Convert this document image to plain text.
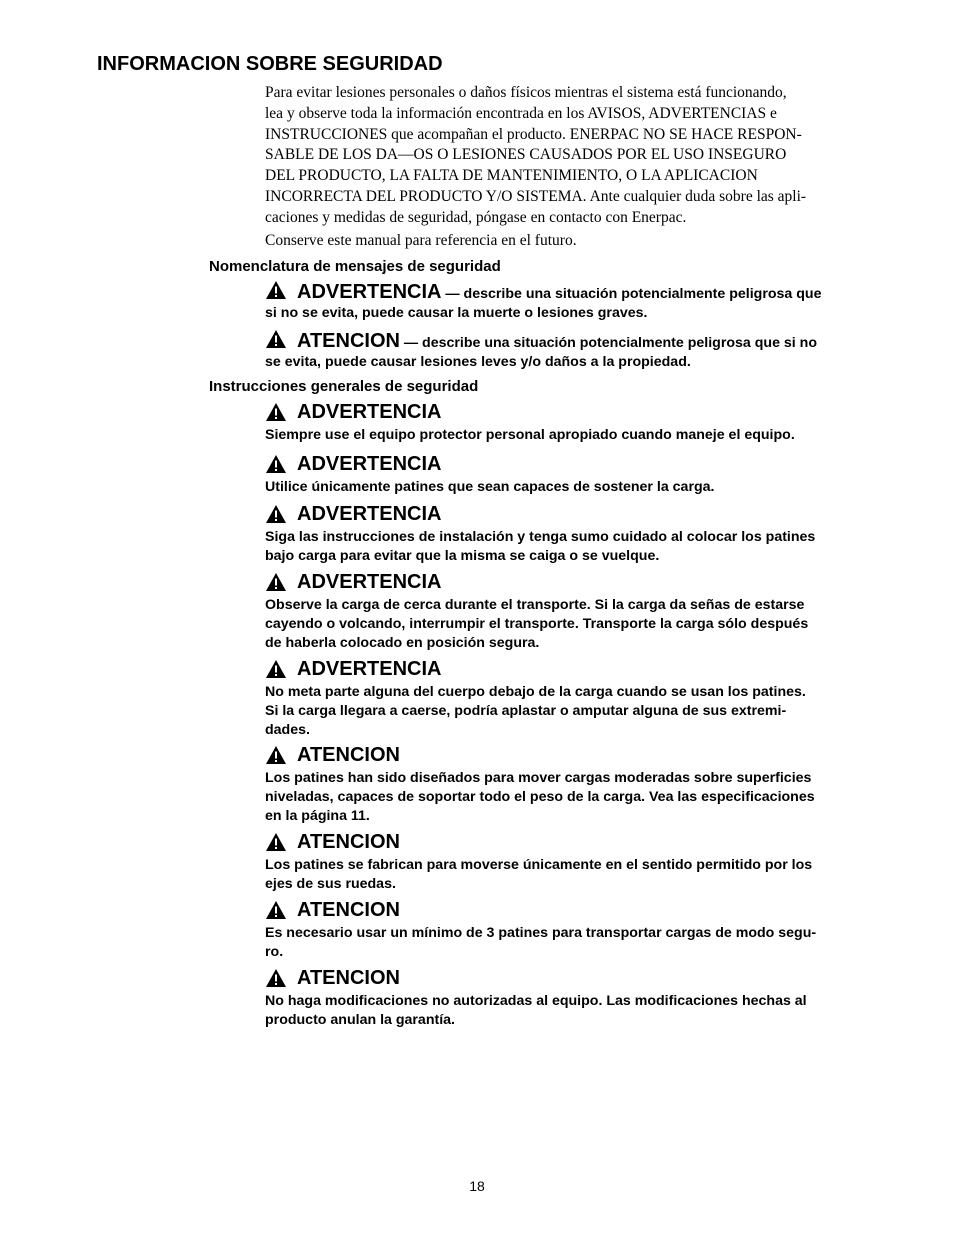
INFORMACION SOBRE SEGURIDAD
Para evitar lesiones personales o daños físicos mientras el sistema está funcionando,
lea y observe toda la información encontrada en los AVISOS, ADVERTENCIAS e
INSTRUCCIONES que acompañan el producto. ENERPAC NO SE HACE RESPON-
SABLE DE LOS DA—OS O LESIONES CAUSADOS POR EL USO INSEGURO
DEL PRODUCTO, LA FALTA DE MANTENIMIENTO, O LA APLICACION
INCORRECTA DEL PRODUCTO Y/O SISTEMA. Ante cualquier duda sobre las apli-
caciones y medidas de seguridad, póngase en contacto con Enerpac.
Conserve este manual para referencia en el futuro.
Nomenclatura de mensajes de seguridad
ADVERTENCIA — describe una situación potencialmente peligrosa que
si no se evita, puede causar la muerte o lesiones graves.
ATENCION — describe una situación potencialmente peligrosa que si no
se evita, puede causar lesiones leves y/o daños a la propiedad.
Instrucciones generales de seguridad
ADVERTENCIA
Siempre use el equipo protector personal apropiado cuando maneje el equipo.
ADVERTENCIA
Utilice únicamente patines que sean capaces de sostener la carga.
ADVERTENCIA
Siga las instrucciones de instalación y tenga sumo cuidado al colocar los patines
bajo carga para evitar que la misma se caiga o se vuelque.
ADVERTENCIA
Observe la carga de cerca durante el transporte. Si la carga da señas de estarse
cayendo o volcando, interrumpir el transporte. Transporte la carga sólo después
de haberla colocado en posición segura.
ADVERTENCIA
No meta parte alguna del cuerpo debajo de la carga cuando se usan los patines.
Si la carga llegara a caerse, podría aplastar o amputar alguna de sus extremi-
dades.
ATENCION
Los patines han sido diseñados para mover cargas moderadas sobre superficies
niveladas, capaces de soportar todo el peso de la carga. Vea las especificaciones
en la página 11.
ATENCION
Los patines se fabrican para moverse únicamente en el sentido permitido por los
ejes de sus ruedas.
ATENCION
Es necesario usar un mínimo de 3 patines para transportar cargas de modo segu-
ro.
ATENCION
No haga modificaciones no autorizadas al equipo. Las modificaciones hechas al
producto anulan la garantía.
18
